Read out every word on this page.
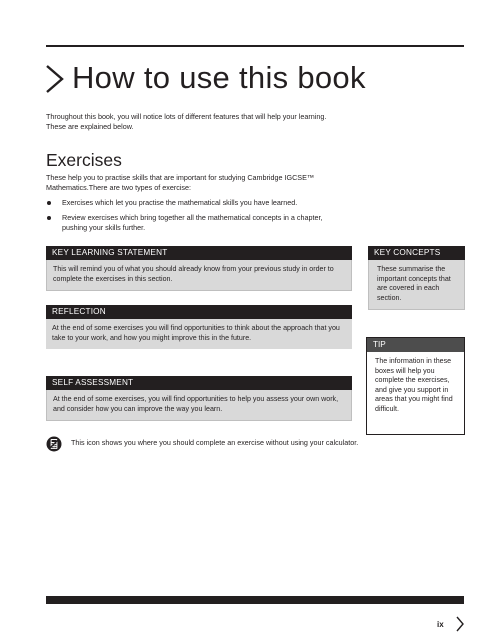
How to use this book
Throughout this book, you will notice lots of different features that will help your learning. These are explained below.
Exercises
These help you to practise skills that are important for studying Cambridge IGCSE™ Mathematics.There are two types of exercise:
Exercises which let you practise the mathematical skills you have learned.
Review exercises which bring together all the mathematical concepts in a chapter, pushing your skills further.
KEY LEARNING STATEMENT
This will remind you of what you should already know from your previous study in order to complete the exercises in this section.
REFLECTION
At the end of some exercises you will find opportunities to think about the approach that you take to your work, and how you might improve this in the future.
SELF ASSESSMENT
At the end of some exercises, you will find opportunities to help you assess your own work, and consider how you can improve the way you learn.
KEY CONCEPTS
These summarise the important concepts that are covered in each section.
TIP
The information in these boxes will help you complete the exercises, and give you support in areas that you might find difficult.
This icon shows you where you should complete an exercise without using your calculator.
ix
